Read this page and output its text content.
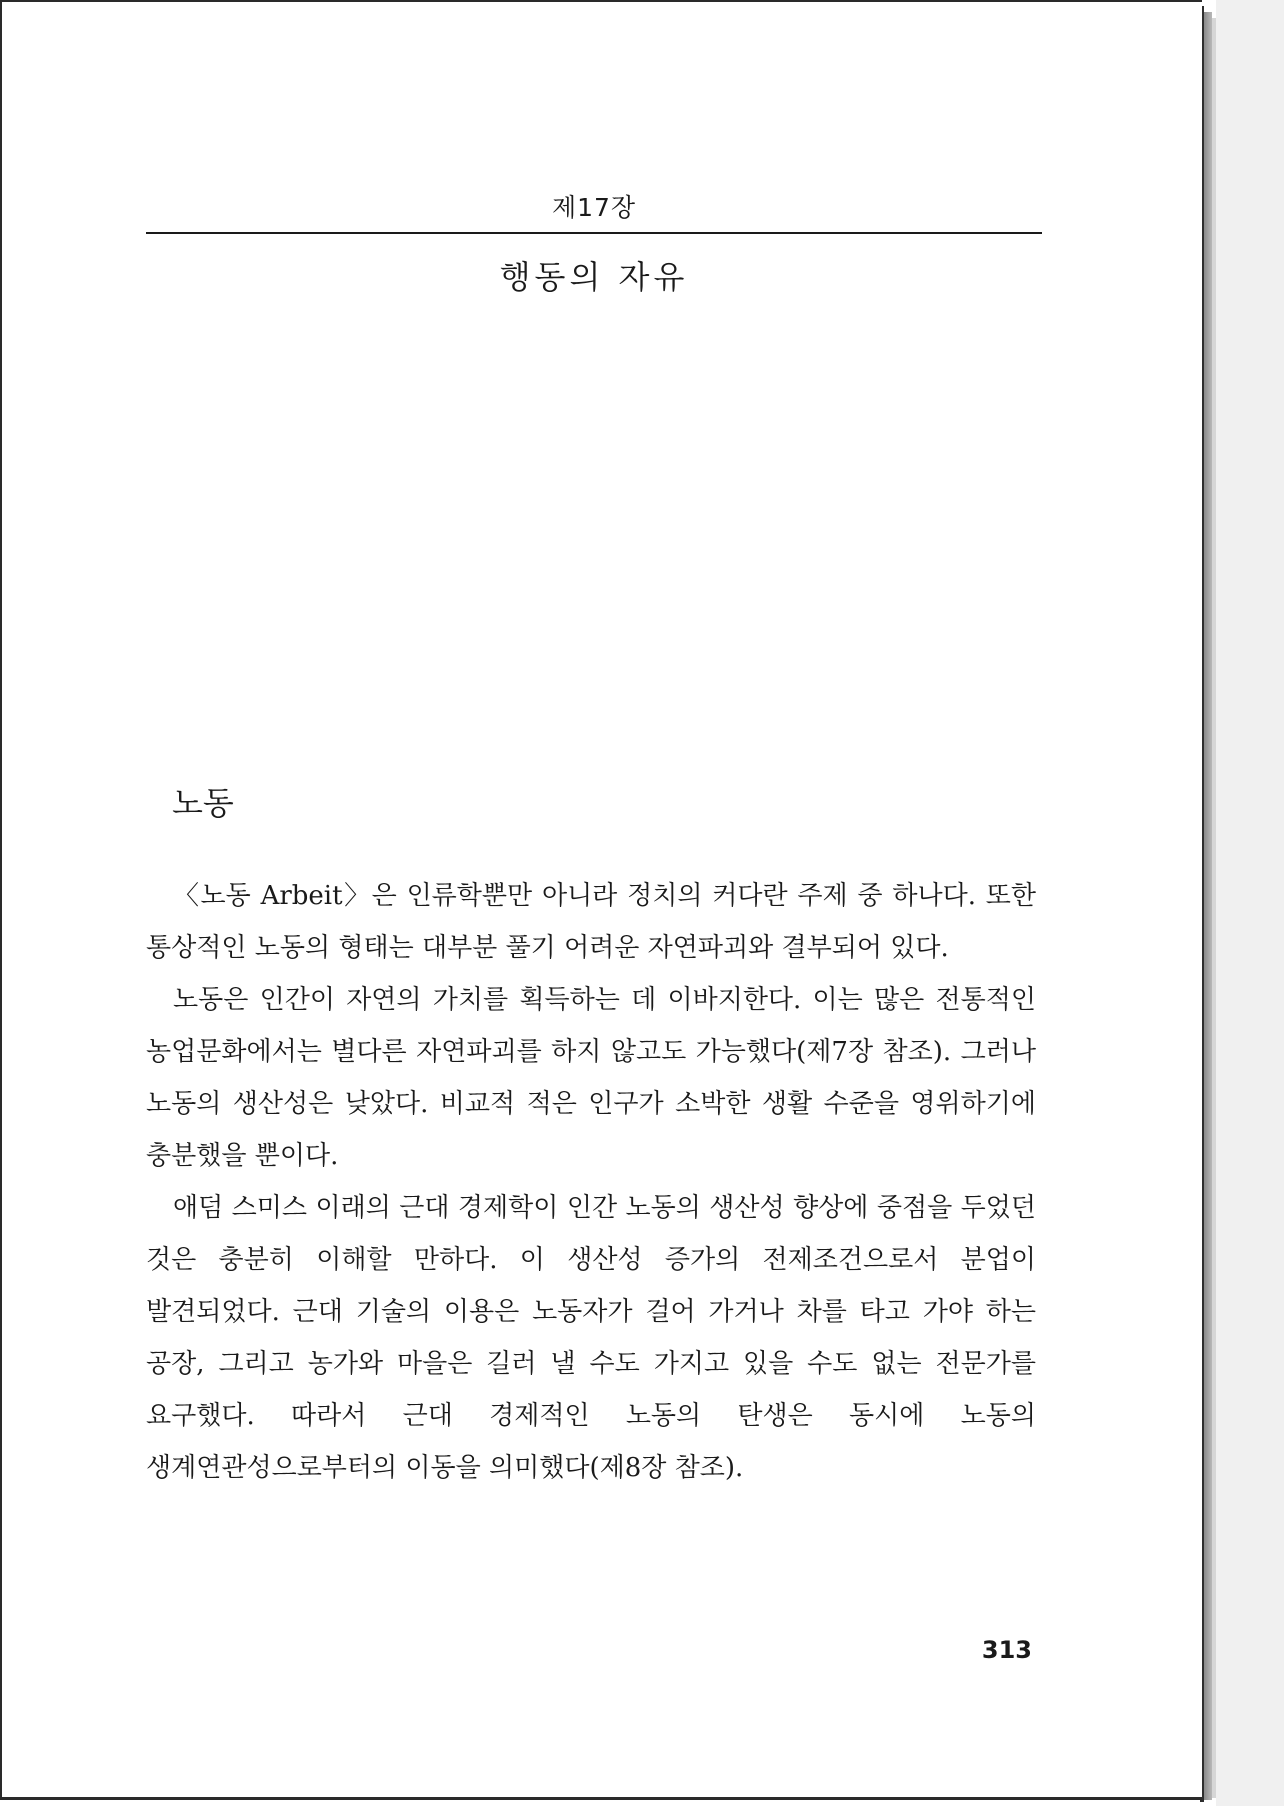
제17장
행동의 자유
노동

〈노동 Arbeit〉은 인류학뿐만 아니라 정치의 커다란 주제 중 하나다. 또한 통상적인 노동의 형태는 대부분 풀기 어려운 자연파괴와 결부되어 있다.

노동은 인간이 자연의 가치를 획득하는 데 이바지한다. 이는 많은 전통적인 농업문화에서는 별다른 자연파괴를 하지 않고도 가능했다(제7장 참조). 그러나 노동의 생산성은 낮았다. 비교적 적은 인구가 소박한 생활 수준을 영위하기에 충분했을 뿐이다.

애덤 스미스 이래의 근대 경제학이 인간 노동의 생산성 향상에 중점을 두었던 것은 충분히 이해할 만하다. 이 생산성 증가의 전제조건으로서 분업이 발견되었다. 근대 기술의 이용은 노동자가 걸어 가거나 차를 타고 가야 하는 공장, 그리고 농가와 마을은 길러 낼 수도 가지고 있을 수도 없는 전문가를 요구했다. 따라서 근대 경제적인 노동의 탄생은 동시에 노동의 생계연관성으로부터의 이동을 의미했다(제8장 참조).

313
